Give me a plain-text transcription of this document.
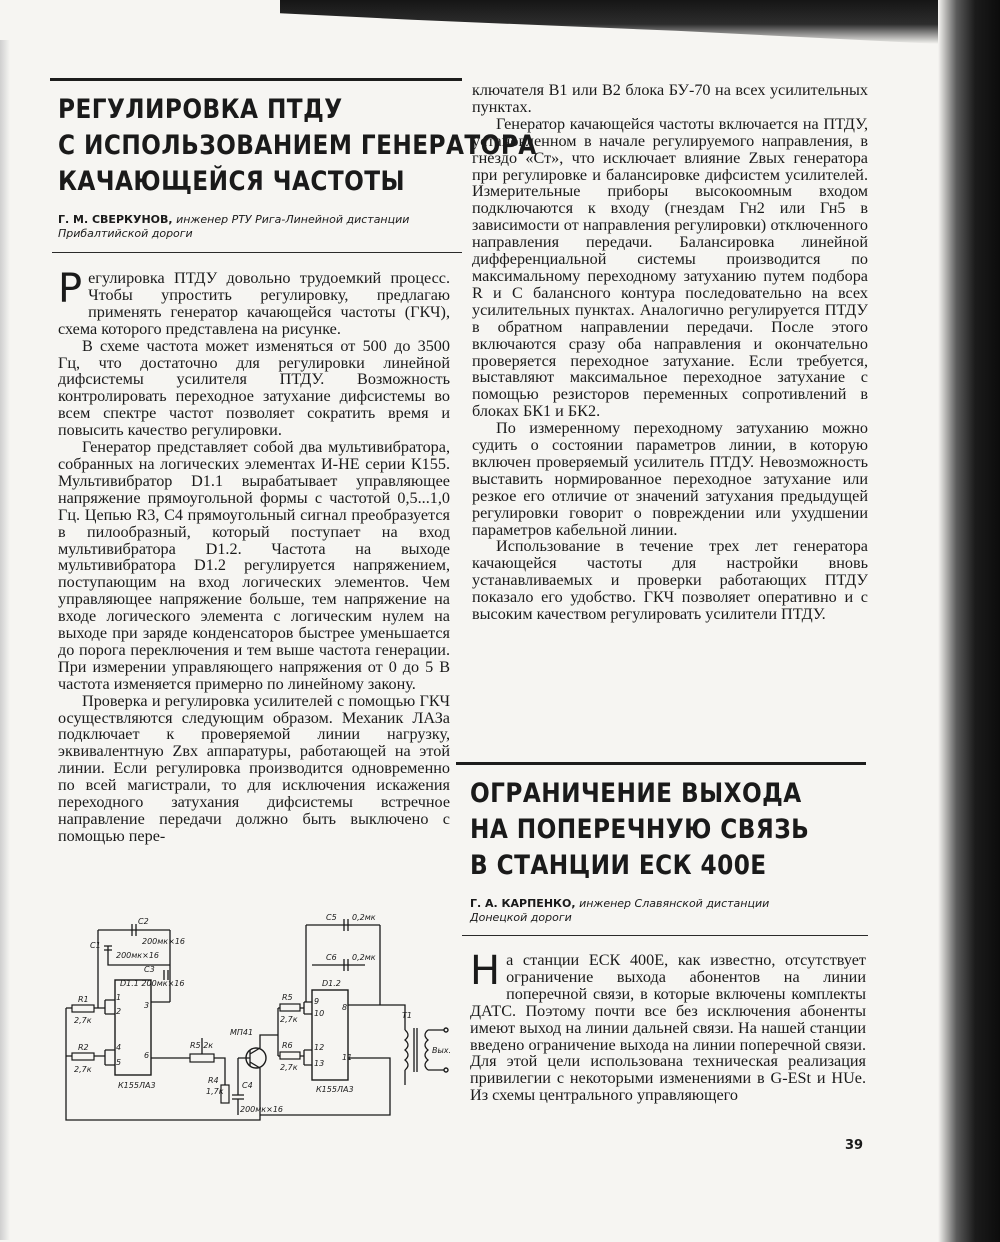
РЕГУЛИРОВКА ПТДУ
С ИСПОЛЬЗОВАНИЕМ ГЕНЕРАТОРА
КАЧАЮЩЕЙСЯ ЧАСТОТЫ
Г. М. СВЕРКУНОВ, инженер РТУ Рига-Линейной дистанции
Прибалтийской дороги

Регулировка ПТДУ довольно трудоемкий процесс. Чтобы упростить регулировку, предлагаю применять генератор качающейся частоты (ГКЧ), схема которого представлена на рисунке.

В схеме частота может изменяться от 500 до 3500 Гц, что достаточно для регулировки линейной дифсистемы усилителя ПТДУ. Возможность контролировать переходное затухание дифсистемы во всем спектре частот позволяет сократить время и повысить качество регулировки.

Генератор представляет собой два мультивибратора, собранных на логических элементах И-НЕ серии К155. Мультивибратор D1.1 вырабатывает управляющее напряжение прямоугольной формы с частотой 0,5...1,0 Гц. Цепью R3, C4 прямоугольный сигнал преобразуется в пилообразный, который поступает на вход мультивибратора D1.2. Частота на выходе мультивибратора D1.2 регулируется напряжением, поступающим на вход логических элементов. Чем управляющее напряжение больше, тем напряжение на входе логического элемента с логическим нулем на выходе при заряде конденсаторов быстрее уменьшается до порога переключения и тем выше частота генерации. При измерении управляющего напряжения от 0 до 5 В частота изменяется примерно по линейному закону.

Проверка и регулировка усилителей с помощью ГКЧ осуществляются следующим образом. Механик ЛАЗа подключает к проверяемой линии нагрузку, эквивалентную Zвх аппаратуры, работающей на этой линии. Если регулировка производится одновременно по всей магистрали, то для исключения искажения переходного затухания дифсистемы встречное направление передачи должно быть выключено с помощью пере-

ключателя В1 или В2 блока БУ-70 на всех усилительных пунктах.

Генератор качающейся частоты включается на ПТДУ, установленном в начале регулируемого направления, в гнездо «Ст», что исключает влияние Zвых генератора при регулировке и балансировке дифсистем усилителей. Измерительные приборы высокоомным входом подключаются к входу (гнездам Гн2 или Гн5 в зависимости от направления регулировки) отключенного направления передачи. Балансировка линейной дифференциальной системы производится по максимальному переходному затуханию путем подбора R и C балансного контура последовательно на всех усилительных пунктах. Аналогично регулируется ПТДУ в обратном направлении передачи. После этого включаются сразу оба направления и окончательно проверяется переходное затухание. Если требуется, выставляют максимальное переходное затухание с помощью резисторов переменных сопротивлений в блоках БК1 и БК2.

По измеренному переходному затуханию можно судить о состоянии параметров линии, в которую включен проверяемый усилитель ПТДУ. Невозможность выставить нормированное переходное затухание или резкое его отличие от значений затухания предыдущей регулировки говорит о повреждении или ухудшении параметров кабельной линии.

Использование в течение трех лет генератора качающейся частоты для настройки вновь устанавливаемых и проверки работающих ПТДУ показало его удобство. ГКЧ позволяет оперативно и с высоким качеством регулировать усилители ПТДУ.

ОГРАНИЧЕНИЕ ВЫХОДА
НА ПОПЕРЕЧНУЮ СВЯЗЬ
В СТАНЦИИ ЕСК 400Е
Г. А. КАРПЕНКО, инженер Славянской дистанции
Донецкой дороги

На станции ЕСК 400Е, как известно, отсутствует ограничение выхода абонентов на линии поперечной связи, в которые включены комплекты ДАТС. Поэтому почти все без исключения абоненты имеют выход на линии дальней связи. На нашей станции введено ограничение выхода на линии поперечной связи. Для этой цели использована техническая реализация привилегии с некоторыми изменениями в G-ESt и HUe. Из схемы центрального управляющего

К155ЛА3
1
2
3
4
5
6
C2
200мк×16
C1
200мк×16
C3
D1.1 200мк×16
R1
2,7к
R2
2,7к
R5 2к
R4
1,7к
C4
200мк×16
МП41
К155ЛА3
D1.2
9
10
8
12
13
11
C5 0,2мк
C6 0,2мк
R5
2,7к
R6
2,7к
T1
Вых.
39
